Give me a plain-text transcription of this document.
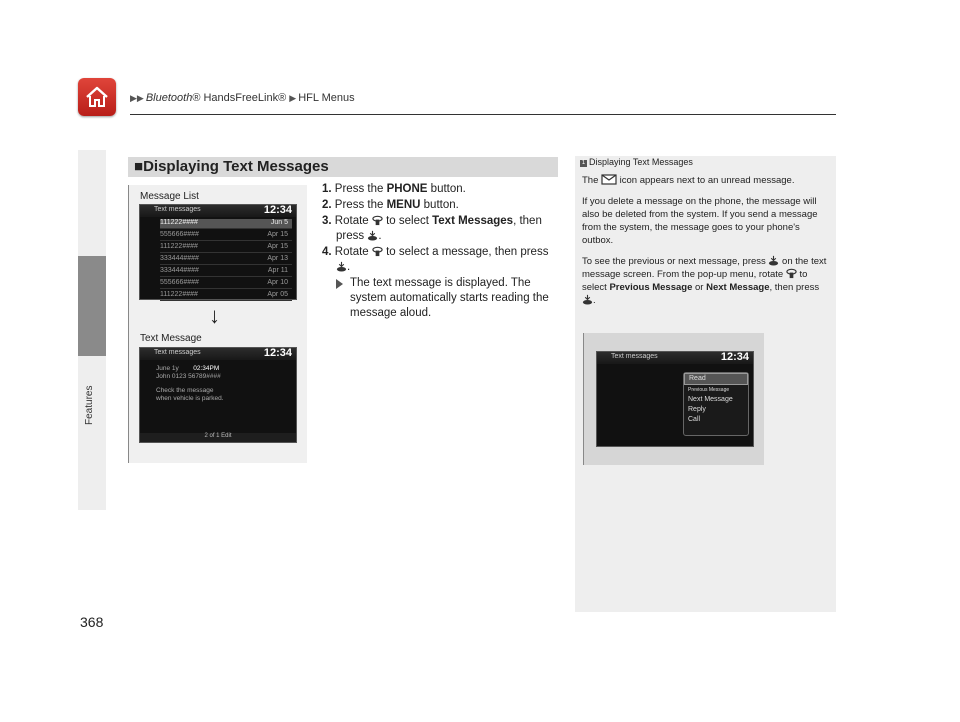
▶▶ Bluetooth® HandsFreeLink® ▶ HFL Menus
Features
368
■Displaying Text Messages
Message List
Text messages	12:34
111222####	Jun 5
555666####	Apr 15
111222####	Apr 15
333444####	Apr 13
333444####	Apr 11
555666####	Apr 10
111222####	Apr 05
↓
Text Message
Text messages	12:34
June 1y 02:34PM
John 0123 56789####
Check the message
when vehicle is parked.
2 of 1 Edit
1. Press the PHONE button.
2. Press the MENU button.
3. Rotate  to select Text Messages, then
press .
4. Rotate  to select a message, then press
.
The text message is displayed. The system automatically starts reading the message aloud.
1 Displaying Text Messages

The icon appears next to an unread message.

If you delete a message on the phone, the message will also be deleted from the system. If you send a message from the system, the message goes to your phone's outbox.

To see the previous or next message, press on the text message screen. From the pop-up menu, rotate to select Previous Message or Next Message, then press .

Text messages	12:34
Read
Previous Message
Next Message
Reply
Call
